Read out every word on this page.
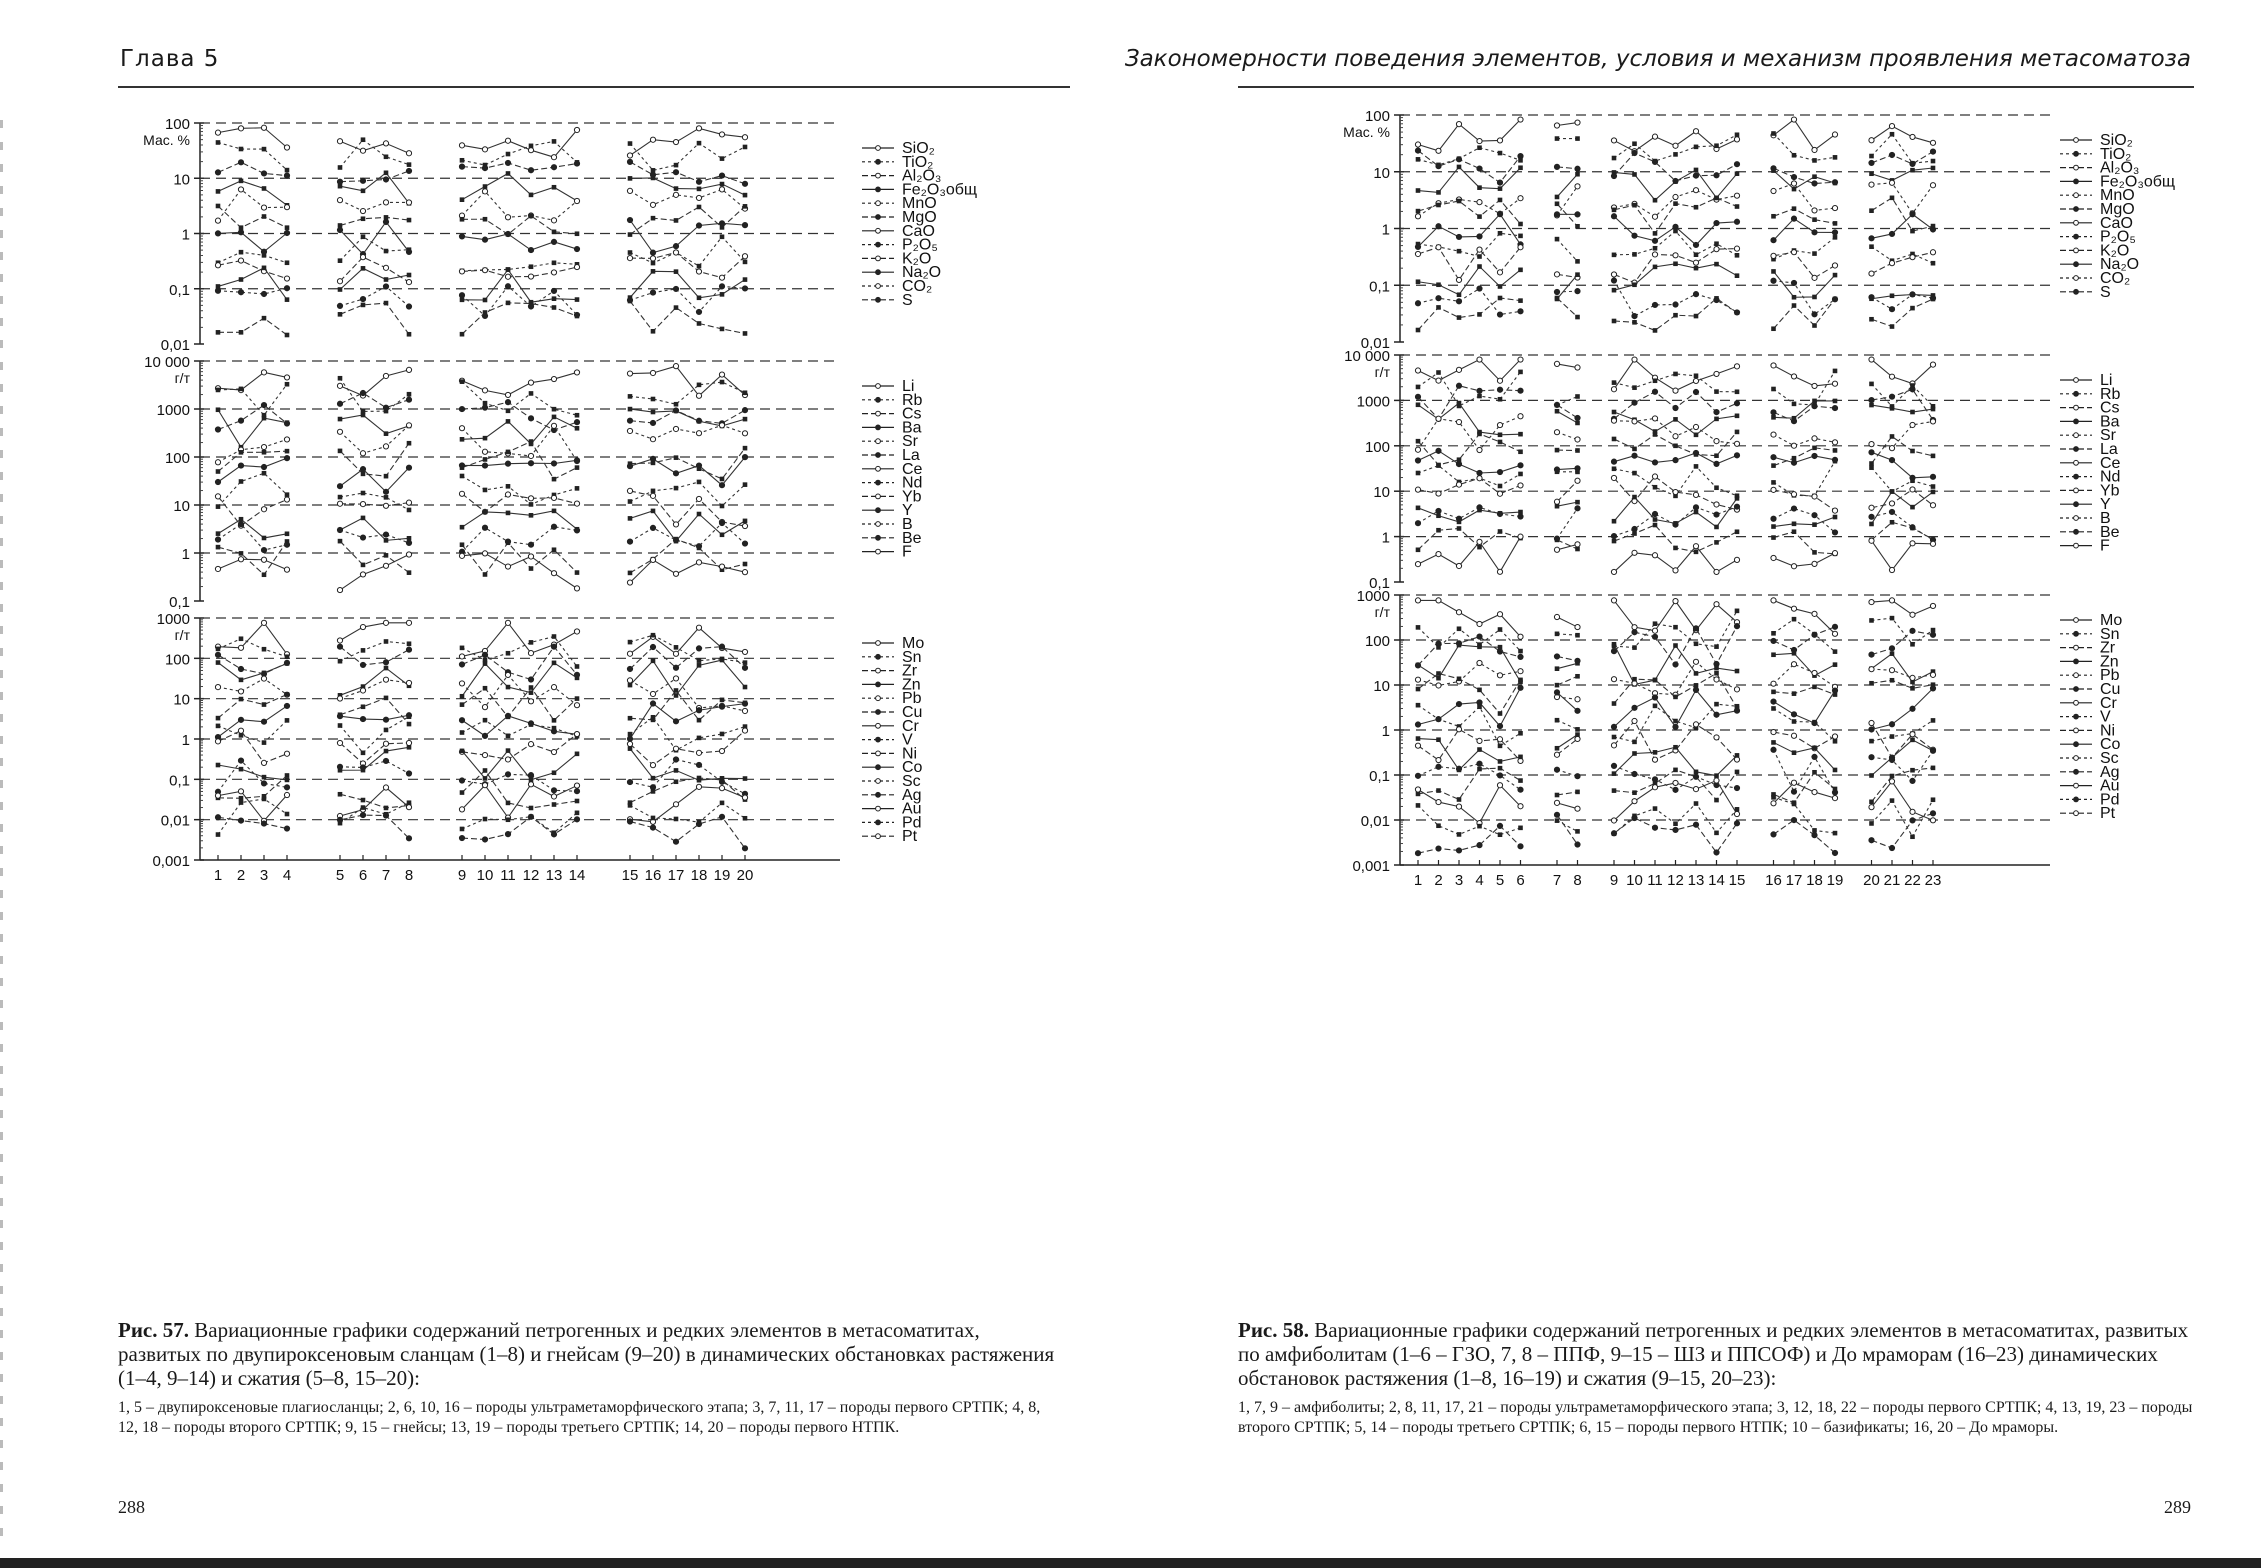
Глава 5	Закономерности поведения элементов, условия и механизм проявления метасоматоза
100
10
1
0,1
0,01
Мас. %	SiO₂
TiO₂
Al₂O₃
Fe₂O₃общ
MnO
MgO
CaO
P₂O₅
K₂O
Na₂O
CO₂
S
10 000
1000
100
10
1
0,1
г/т	Li
Rb
Cs
Ba
Sr
La
Ce
Nd
Yb
Y
B
Be
F
1000
100
10
1
0,1
0,01
0,001
г/т
1 2 3 4	5 6 7 8	9 10 11 12 13 14 15 16 17 18 19 20
Mo
Sn
Zr
Zn
Pb
Cu
Cr
V
Ni
Co
Sc
Ag
Au
Pd
Pt
100
10
1
0,1
0,01
Мас. %	SiO₂
TiO₂
Al₂O₃
Fe₂O₃общ
MnO
MgO
CaO
P₂O₅
K₂O
Na₂O
CO₂
S
10 000
1000
100
10
1
0,1
г/т	Li
Rb
Cs
Ba
Sr
La
Ce
Nd
Yb
Y
B
Be
F
1000
100
10
1
0,1
0,01
0,001
г/т
1 2 3 4 5 6 7 8 9 10 11 12 13 14 15 16 17 18 19 20 21 22 23
Mo
Sn
Zr
Zn
Pb
Cu
Cr
V
Ni
Co
Sc
Ag
Au
Pd
Pt
Рис. 57. Вариационные графики содержаний петрогенных и редких элементов в метасоматитах, развитых по двупироксеновым сланцам (1–8) и гнейсам (9–20) в динамических обстановках растяжения (1–4, 9–14) и сжатия (5–8, 15–20):
1, 5 – двупироксеновые плагиосланцы; 2, 6, 10, 16 – породы ультраметаморфического этапа; 3, 7, 11, 17 – породы первого СРТПК; 4, 8, 12, 18 – породы второго СРТПК; 9, 15 – гнейсы; 13, 19 – породы третьего СРТПК; 14, 20 – породы первого НТПК.
Рис. 58. Вариационные графики содержаний петрогенных и редких элементов в метасоматитах, развитых по амфиболитам (1–6 – ГЗО, 7, 8 – ППФ, 9–15 – ШЗ и ППСОФ) и До мраморам (16–23) динамических обстановок растяжения (1–8, 16–19) и сжатия (9–15, 20–23):
1, 7, 9 – амфиболиты; 2, 8, 11, 17, 21 – породы ультраметаморфического этапа; 3, 12, 18, 22 – породы первого СРТПК; 4, 13, 19, 23 – породы второго СРТПК; 5, 14 – породы третьего СРТПК; 6, 15 – породы первого НТПК; 10 – базификаты; 16, 20 – До мраморы.
288	289
